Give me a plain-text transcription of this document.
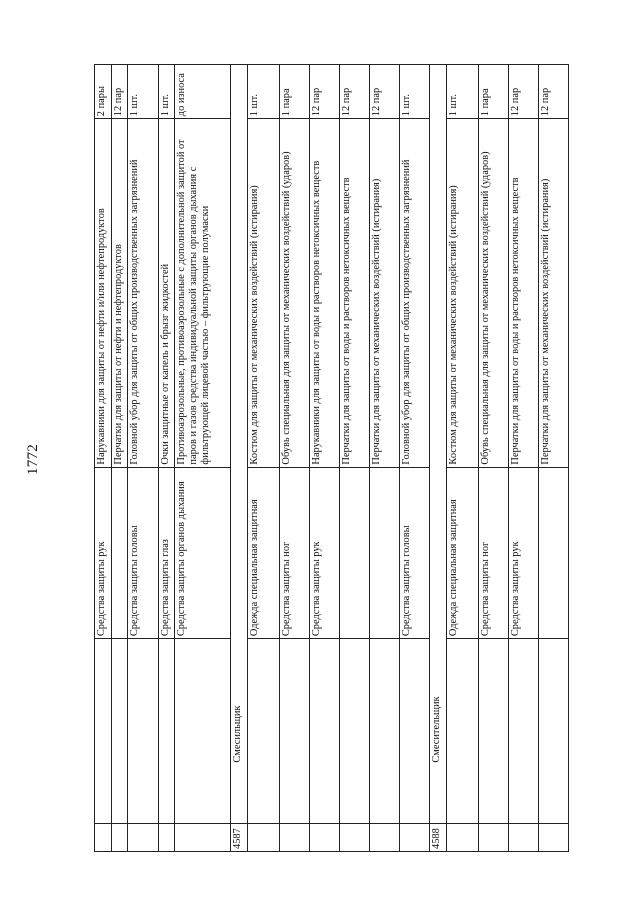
1772
		Средства защиты рук	Нарукавники для защиты от нефти и/или нефтепродуктов	2 пары
			Перчатки для защиты от нефти и нефтепродуктов	12 пар
		Средства защиты головы	Головной убор для защиты от общих производственных загрязнений	1 шт.
		Средства защиты глаз	Очки защитные от капель и брызг жидкостей	1 шт.
		Средства защиты органов дыхания	Противоаэрозольные, противоаэрозольные с дополнительной защитой от паров и газов средства индивидуальной защиты органов дыхания с фильтрующей лицевой частью – фильтрующие полумаски	до износа
4587	Смесильщик			
		Одежда специальная защитная	Костюм для защиты от механических воздействий (истирания)	1 шт.
		Средства защиты ног	Обувь специальная для защиты от механических воздействий (ударов)	1 пара
		Средства защиты рук	Нарукавники для защиты от воды и растворов нетоксичных веществ	12 пар
			Перчатки для защиты от воды и растворов нетоксичных веществ	12 пар
			Перчатки для защиты от механических воздействий (истирания)	12 пар
		Средства защиты головы	Головной убор для защиты от общих производственных загрязнений	1 шт.
4588	Смесительщик			
		Одежда специальная защитная	Костюм для защиты от механических воздействий (истирания)	1 шт.
		Средства защиты ног	Обувь специальная для защиты от механических воздействий (ударов)	1 пара
		Средства защиты рук	Перчатки для защиты от воды и растворов нетоксичных веществ	12 пар
			Перчатки для защиты от механических воздействий (истирания)	12 пар
